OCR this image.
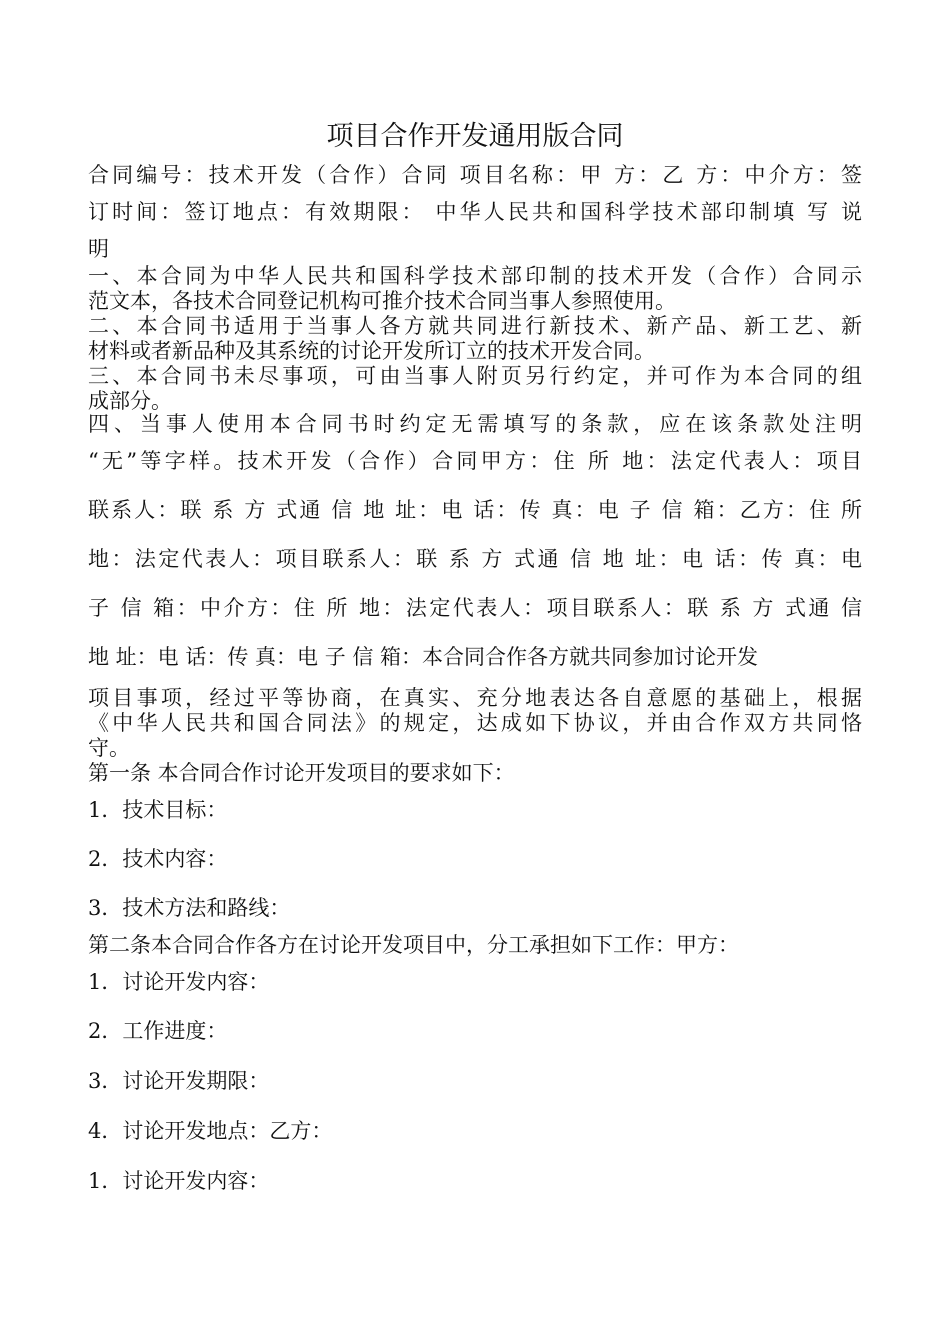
项目合作开发通用版合同
合同编号：技术开发（合作）合同 项目名称：甲 方：乙 方：中介方：签
订时间：签订地点：有效期限： 中华人民共和国科学技术部印制填 写 说
明
一、本合同为中华人民共和国科学技术部印制的技术开发（合作）合同示
范文本，各技术合同登记机构可推介技术合同当事人参照使用。
二、本合同书适用于当事人各方就共同进行新技术、新产品、新工艺、新
材料或者新品种及其系统的讨论开发所订立的技术开发合同。
三、本合同书未尽事项，可由当事人附页另行约定，并可作为本合同的组
成部分。
四、当事人使用本合同书时约定无需填写的条款，应在该条款处注明
“无”等字样。技术开发（合作）合同甲方：住 所 地：法定代表人：项目
联系人：联 系 方 式通 信 地 址：电 话：传 真：电 子 信 箱：乙方：住 所
地：法定代表人：项目联系人：联 系 方 式通 信 地 址：电 话：传 真：电
子 信 箱：中介方：住 所 地：法定代表人：项目联系人：联 系 方 式通 信
地 址：电 话：传 真：电 子 信 箱：本合同合作各方就共同参加讨论开发
项目事项，经过平等协商，在真实、充分地表达各自意愿的基础上，根据
《中华人民共和国合同法》的规定，达成如下协议，并由合作双方共同恪
守。
第一条 本合同合作讨论开发项目的要求如下：
1．技术目标：
2．技术内容：
3．技术方法和路线：
第二条本合同合作各方在讨论开发项目中，分工承担如下工作：甲方：
1．讨论开发内容：
2．工作进度：
3．讨论开发期限：
4．讨论开发地点：乙方：
1．讨论开发内容：
